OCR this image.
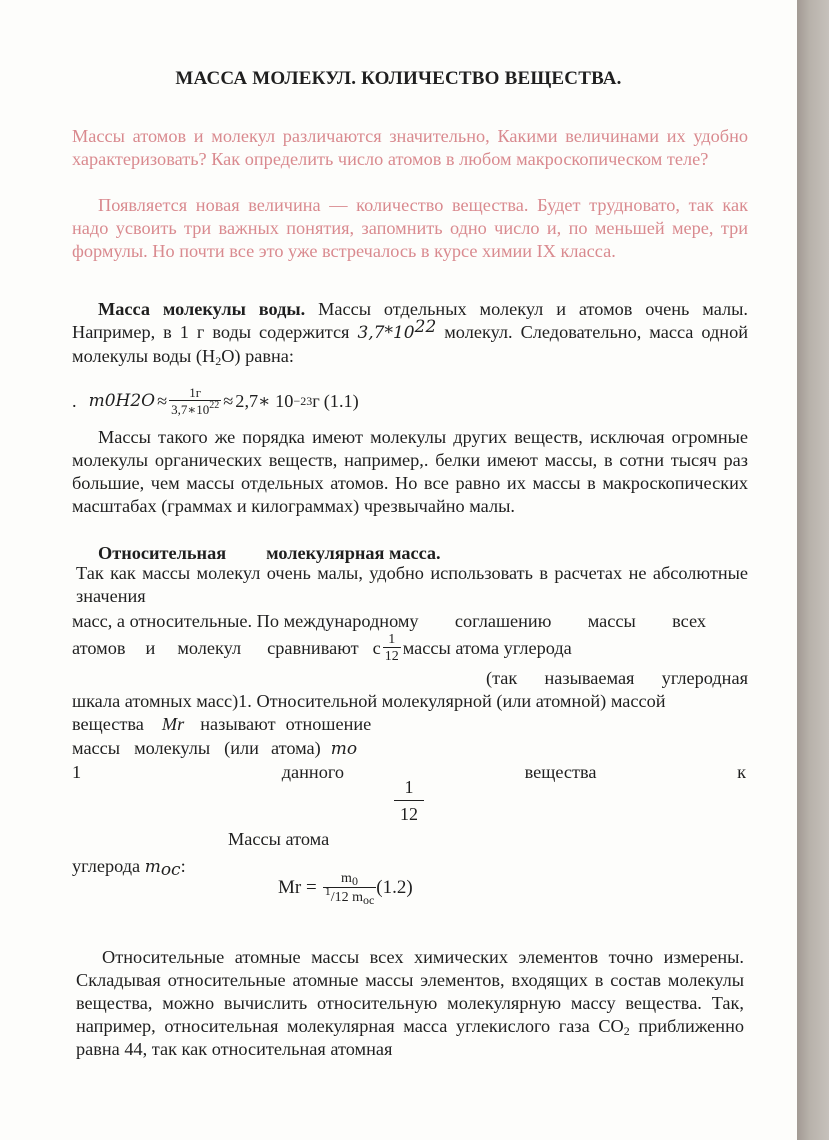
МАССА МОЛЕКУЛ. КОЛИЧЕСТВО ВЕЩЕСТВА.
Массы атомов и молекул различаются значительно, Какими величинами их удобно характеризовать? Как определить число атомов в любом макроскопическом теле?
Появляется новая величина — количество вещества. Будет трудновато, так как надо усвоить три важных понятия, запомнить одно число и, по меньшей мере, три формулы. Но почти все это уже встречалось в курсе химии IX класса.
Масса молекулы воды. Массы отдельных молекул и атомов очень малы. Например, в 1 г воды содержится $3,7*10^{22}$ молекул. Следовательно, масса одной молекулы воды $(Н_2О)$ равна:
. m $0H2O \approx \frac{1г}{3,7∗10^{22}}$ ≈ 2,7∗ 10 −23 г (1.1)
Массы такого же порядка имеют молекулы других веществ, исключая огромные молекулы органических веществ, например,. белки имеют массы, в сотни тысяч раз большие, чем массы отдельных атомов. Но все равно их массы в макроскопических масштабах (граммах и килограммах) чрезвычайно малы.
Относительная молекулярная масса.
Так как массы молекул очень малы, удобно использовать в расчетах не абсолютные значения
масс, а относительные. По международному соглашению массы всех
атомов и молекул сравнивают с $\frac{1}{12}$ массы атома углерода
(так называемая углеродная
шкала атомных масс)1. Относительной молекулярной (или атомной) массой
вещества Mr называют отношение
массы молекулы (или атома) m o
1	данного	вещества	к
1
12
Массы атома
углерода $m_{oc}$:
$Mr = \frac{m_0}{^1/12 m_{oc}} (1.2)$
Относительные атомные массы всех химических элементов точно измерены. Складывая относительные атомные массы элементов, входящих в состав молекулы вещества, можно вычислить относительную молекулярную массу вещества. Так, например, относительная молекулярная масса углекислого газа $СО_2$ приближенно равна 44, так как относительная атомная
